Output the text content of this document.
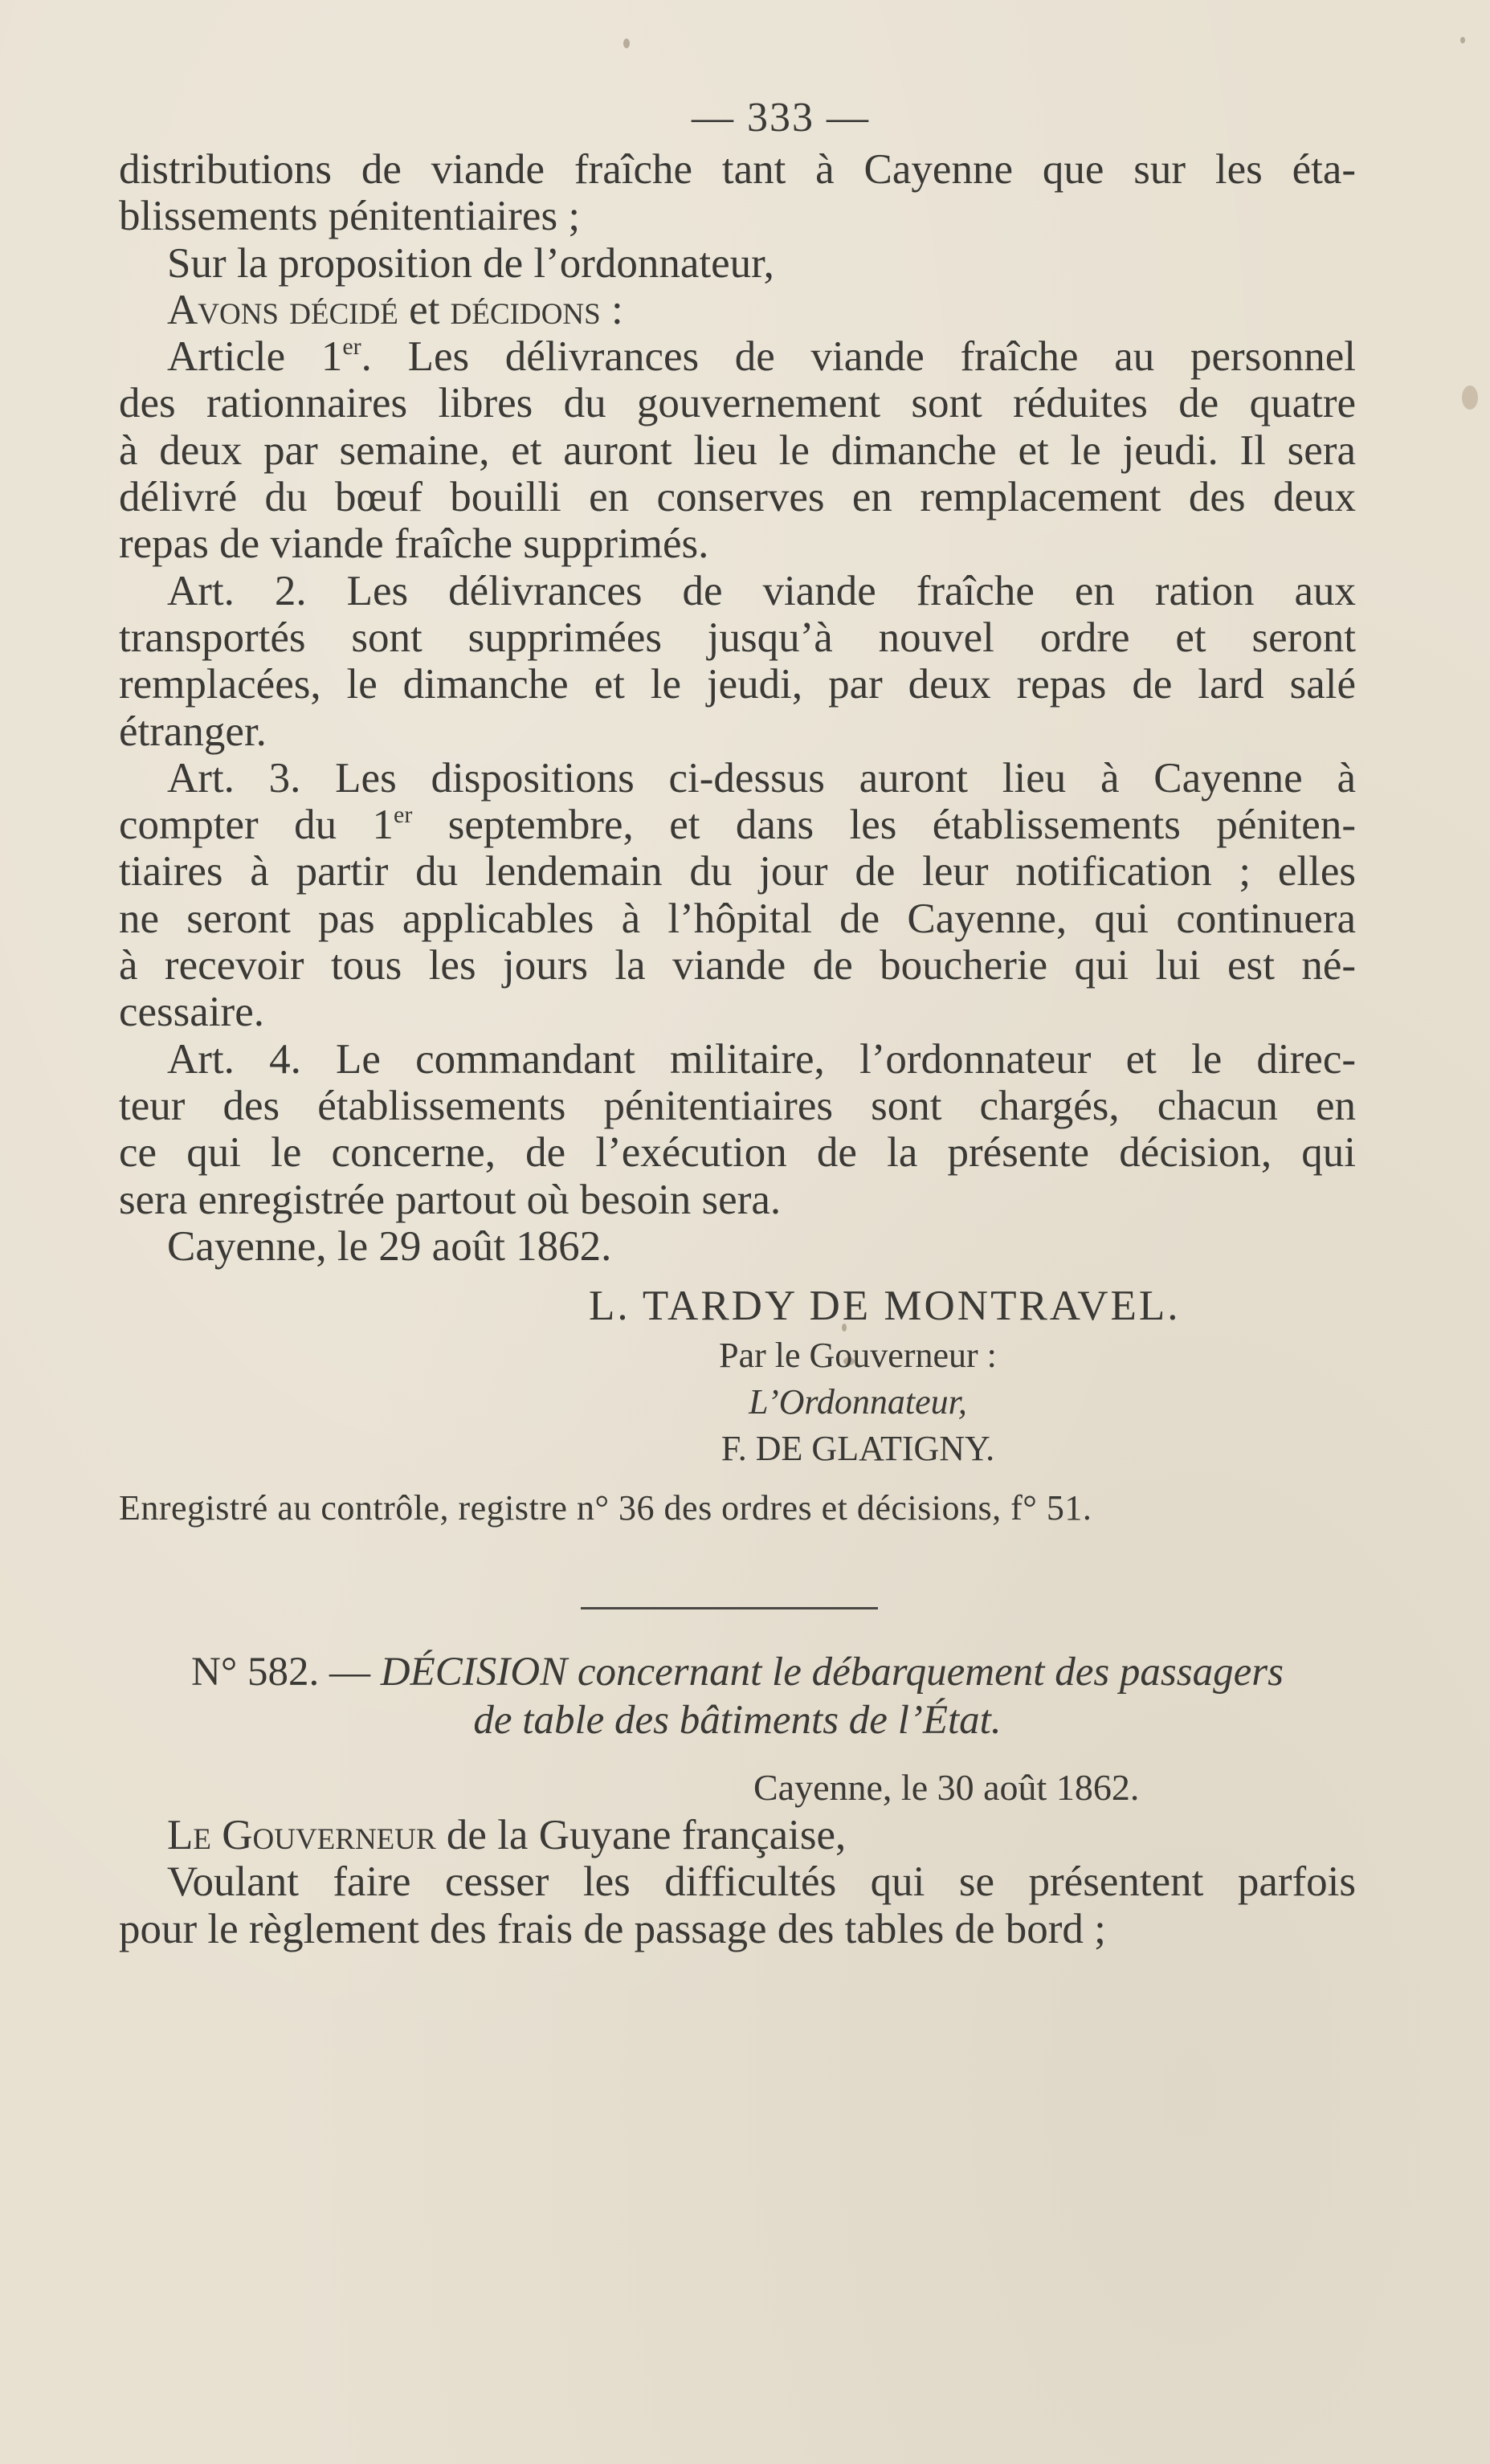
— 333 —
distributions de viande fraîche tant à Cayenne que sur les éta-
blissements pénitentiaires ;
Sur la proposition de l’ordonnateur,
Avons décidé et décidons :
Article 1er. Les délivrances de viande fraîche au personnel
des rationnaires libres du gouvernement sont réduites de quatre
à deux par semaine, et auront lieu le dimanche et le jeudi. Il sera
délivré du bœuf bouilli en conserves en remplacement des deux
repas de viande fraîche supprimés.
Art. 2. Les délivrances de viande fraîche en ration aux
transportés sont supprimées jusqu’à nouvel ordre et seront
remplacées, le dimanche et le jeudi, par deux repas de lard salé
étranger.
Art. 3. Les dispositions ci-dessus auront lieu à Cayenne à
compter du 1er septembre, et dans les établissements péniten-
tiaires à partir du lendemain du jour de leur notification ; elles
ne seront pas applicables à l’hôpital de Cayenne, qui continuera
à recevoir tous les jours la viande de boucherie qui lui est né-
cessaire.
Art. 4. Le commandant militaire, l’ordonnateur et le direc-
teur des établissements pénitentiaires sont chargés, chacun en
ce qui le concerne, de l’exécution de la présente décision, qui
sera enregistrée partout où besoin sera.
Cayenne, le 29 août 1862.
L. TARDY DE MONTRAVEL.
Par le Gouverneur :
L’Ordonnateur,
F. DE GLATIGNY.
Enregistré au contrôle, registre n° 36 des ordres et décisions, f° 51.
N° 582. — DÉCISION concernant le débarquement des passagers
de table des bâtiments de l’État.
Cayenne, le 30 août 1862.
Le Gouverneur de la Guyane française,
Voulant faire cesser les difficultés qui se présentent parfois
pour le règlement des frais de passage des tables de bord ;
